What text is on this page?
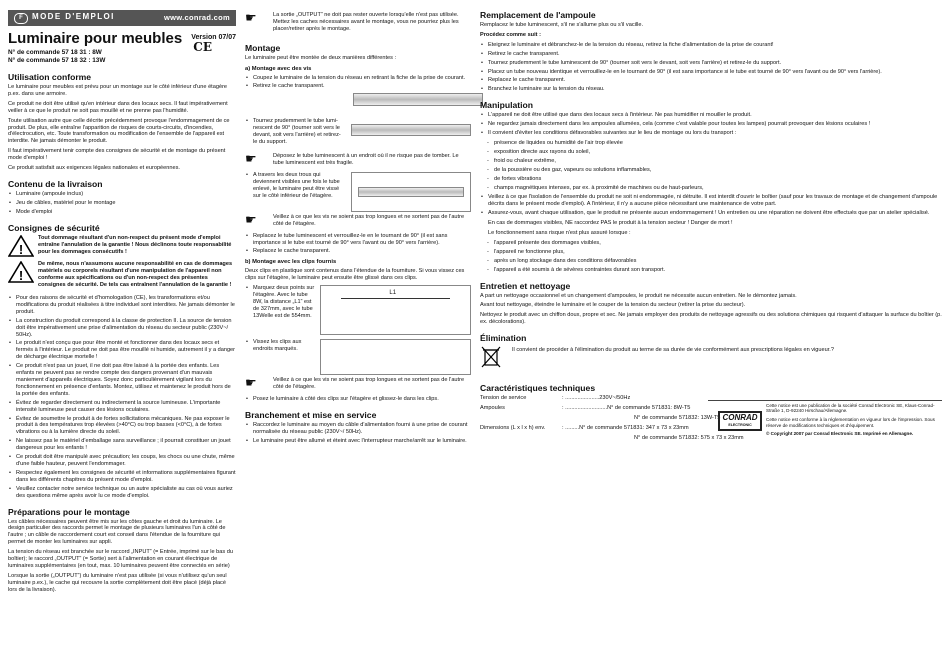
F MODE D'EMPLOI	www.conrad.com
Luminaire pour meubles	Version 07/07
CE
N° de commande 57 18 31 : 8W
N° de commande 57 18 32 : 13W
Utilisation conforme

Le luminaire pour meubles est prévu pour un montage sur le côté inférieur d'une étagère p.ex. dans une armoire.

Ce produit ne doit être utilisé qu'en intérieur dans des locaux secs. Il faut impérativement veiller à ce que le produit ne soit pas mouillé et ne prenne pas l'humidité.

Toute utilisation autre que celle décrite précédemment provoque l'endommagement de ce produit. De plus, elle entraîne l'apparition de risques de courts-circuits, d'incendies, d'électrocution, etc. Toute transformation ou modification de l'ensemble de l'appareil est interdite. Ne jamais démonter le produit.

Il faut impérativement tenir compte des consignes de sécurité et de montage du présent mode d'emploi !

Ce produit satisfait aux exigences légales nationales et européennes.

Contenu de la livraison
• Luminaire (ampoule inclus)
• Jeu de câbles, matériel pour le montage
• Mode d'emploi
Consignes de sécurité
!

Tout dommage résultant d'un non-respect du présent mode d'emploi entraîne l'annulation de la garantie ! Nous déclinons toute responsabilité pour les dommages consécutifs !

!

De même, nous n'assumons aucune responsabilité en cas de dommages matériels ou corporels résultant d'une manipulation de l'appareil non conforme aux spécifications ou d'un non-respect des présentes consignes de sécurité. De tels cas entraînent l'annulation de la garantie !

• Pour des raisons de sécurité et d'homologation (CE), les transformations et/ou modifications du produit réalisées à titre individuel sont interdites. Ne jamais démonter le produit.
• La construction du produit correspond à la classe de protection II. La source de tension doit être impérativement une prise d'alimentation du réseau du secteur public (230V~/ 50Hz).
• Le produit n'est conçu que pour être monté et fonctionner dans des locaux secs et fermés à l'intérieur. Le produit ne doit pas être mouillé ni humide, autrement il y a danger de décharge électrique mortelle !
• Ce produit n'est pas un jouet, il ne doit pas être laissé à la portée des enfants. Les enfants ne peuvent pas se rendre compte des dangers provenant d'un mauvais maniement d'appareils électriques. Soyez donc particulièrement vigilant lors du fonctionnement en présence d'enfants. Montez, utilisez et maintenez le produit hors de la portée des enfants.
• Évitez de regarder directement ou indirectement la source lumineuse. L'importante intensité lumineuse peut causer des lésions oculaires.
• Évitez de soumettre le produit à de fortes sollicitations mécaniques. Ne pas exposer le produit à des températures trop élevées (>40°C) ou trop basses (<0°C), à de fortes vibrations ou à la lumière directe du soleil.
• Ne laissez pas le matériel d'emballage sans surveillance ; il pourrait constituer un jouet dangereux pour les enfants !
• Ce produit doit être manipulé avec précaution; les coups, les chocs ou une chute, même d'une faible hauteur, peuvent l'endommager.
• Respectez également les consignes de sécurité et informations supplémentaires figurant dans les différents chapitres du présent mode d'emploi.
• Veuillez contacter notre service technique ou un autre spécialiste au cas où vous auriez des questions même après avoir lu ce mode d'emploi.
Préparations pour le montage

Les câbles nécessaires peuvent être mis sur les côtes gauche et droit du luminaire. Le design particulier des raccords permet le montage de plusieurs luminaires l'un à côté de l'autre ; un câble de raccordement court est conseil dans l'étendue de la fourniture qui permet de monter les luminaires sur appli.

La tension du réseau est branchée sur le raccord „INPUT“ (= Entrée, imprimé sur le bas du boîtier); le raccord „OUTPUT“ (= Sortie) sert à l'alimentation en courant électrique de luminaires supplémentaires (en tout, max. 10 luminaires peuvent être connectés en série)

Lorsque la sortie („OUTPUT“) du luminaire n'est pas utilisée (si vous n'utilisez qu'un seul luminaire p.ex.), le cache qui recouvre la sortie complètement doit être placé (déjà placé lors de la livraison).

☛	La sortie „OUTPUT“ ne doit pas rester ouverte lorsqu'elle n'est pas utilisée. Mettez les caches nécessaires avant le montage, vous ne pourriez plus les placer/retirer après le montage.

Montage

Le luminaire peut être montée de deux manières différentes :

a) Montage avec des vis
• Coupez le luminaire de la tension du réseau en retirant la fiche de la prise de courant.
• Retirez le cache transparent.
• Tournez prudemment le tube luminescent de 90° (tourner soit vers le devant, soit vers l'arrière) et retirez-le du support.
☛	Déposez le tube luminescent à un endroit où il ne risque pas de tomber. Le tube luminescent est très fragile.

• A travers les deux trous qui deviennent visibles une fois le tube enlevé, le luminaire peut être vissé sur le côté inférieur de l'étagère.
☛	Veillez à ce que les vis ne soient pas trop longues et ne sortent pas de l'autre côté de l'étagère.

• Replacez le tube luminescent et verrouillez-le en le tournant de 90° (il est sans importance si le tube est tourné de 90° vers l'avant ou de 90° vers l'arrière).
• Replacez le cache transparent.
b) Montage avec les clips fournis

Deux clips en plastique sont contenus dans l'étendue de la fourniture. Si vous vissez ces clips sur l'étagère, le luminaire peut ensuite être glissé dans ces clips.

• Marquez deux points sur l'étagère. Avec le tube 8W, la distance „L1“ est de 327mm, avec le tube 13Welle est de 554mm.
L1
• Vissez les clips aux endroits marqués.
☛	Veillez à ce que les vis ne soient pas trop longues et ne sortent pas de l'autre côté de l'étagère.

• Posez le luminaire à côté des clips sur l'étagère et glissez-le dans les clips.
Branchement et mise en service
• Raccordez le luminaire au moyen du câble d'alimentation fourni à une prise de courant normalisée du réseau public (230V~/ 50Hz).
• Le luminaire peut être allumé et éteint avec l'interrupteur marche/arrêt sur le luminaire.
Remplacement de l'ampoule

Remplacez le tube luminescent, s'il ne s'allume plus ou s'il vacille.

Procédez comme suit :

• Eteignez le luminaire et débranchez-le de la tension du réseau, retirez la fiche d'alimentation de la prise de courant!
• Retirez le cache transparent.
• Tournez prudemment le tube luminescent de 90° (tourner soit vers le devant, soit vers l'arrière) et retirez-le du support.
• Placez un tube nouveau identique et verrouillez-le en le tournant de 90° (il est sans importance si le tube est tourné de 90° vers l'avant ou de 90° vers l'arrière).
• Replacez le cache transparent.
• Branchez le luminaire sur la tension du réseau.
Manipulation
• L'appareil ne doit être utilisé que dans des locaux secs à l'intérieur. Ne pas humidifier ni mouiller le produit.
• Ne regardez jamais directement dans les ampoules allumées, cela (comme c'est valable pour toutes les lampes) pourrait provoquer des lésions oculaires !
• Il convient d'éviter les conditions défavorables suivantes sur le lieu de montage ou lors du transport :
- présence de liquides ou humidité de l'air trop élevée
- exposition directe aux rayons du soleil,
- froid ou chaleur extrême,
- de la poussière ou des gaz, vapeurs ou solutions inflammables,
- de fortes vibrations
- champs magnétiques intenses, par ex. à proximité de machines ou de haut-parleurs,
• Veillez à ce que l'isolation de l'ensemble du produit ne soit ni endommagée, ni détruite. Il est interdit d'ouvrir le boîtier (sauf pour les travaux de montage et de changement d'ampoule décrits dans le présent mode d'emploi). A l'intérieur, il n'y a aucune pièce nécessitant une maintenance de votre part.
• Assurez-vous, avant chaque utilisation, que le produit ne présente aucun endommagement ! Un entretien ou une réparation ne doivent être effectués que par un atelier spécialisé.

En cas de dommages visibles, NE raccordez PAS le produit à la tension secteur ! Danger de mort !

Le fonctionnement sans risque n'est plus assuré lorsque :

- l'appareil présente des dommages visibles,
- l'appareil ne fonctionne plus,
- après un long stockage dans des conditions défavorables
- l'appareil a été soumis à de sévères contraintes durant son transport.
Entretien et nettoyage

A part un nettoyage occasionnel et un changement d'ampoules, le produit ne nécessite aucun entretien. Ne le démontez jamais.

Avant tout nettoyage, éteindre le luminaire et le couper de la tension du secteur (retirer la prise du secteur).

Nettoyez le produit avec un chiffon doux, propre et sec. Ne jamais employer des produits de nettoyage agressifs ou des solutions chimiques qui risquent d'attaquer la surface du boîtier (p. ex. décolorations).

Élimination

Il convient de procéder à l'élimination du produit au terme de sa durée de vie conformément aux prescriptions légales en vigueur.?

Caractéristiques techniques
Tension de service	: ......................230V~/50Hz
Ampoules	: ...........................N° de commande 571831: 8W-T5
	N° de commande 571832: 13W-T5
Dimensions (L x l x h) env.	: .........N° de commande 571831: 347 x 73 x 23mm
	N° de commande 571832: 575 x 73 x 23mm
CONRAD
ELECTRONIC
Cette notice est une publication de la société Conrad Electronic SE, Klaus-Conrad-Straße 1, D-92240 Hirschau/Allemagne.
Cette notice est conforme à la réglementation en vigueur lors de l'impression. Sous réserve de modifications techniques et d'équipement.
© Copyright 2007 par Conrad Electronic SE. Imprimé en Allemagne.
